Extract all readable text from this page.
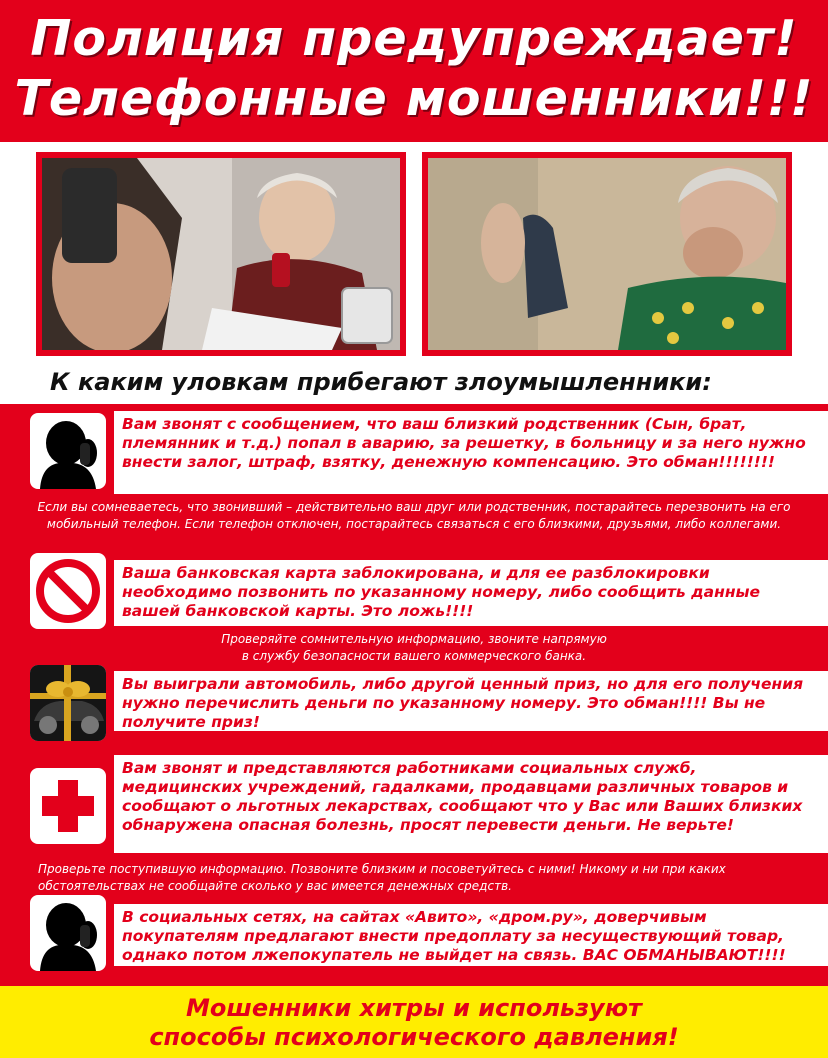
Полиция предупреждает!
Телефонные мошенники!!!
К каким уловкам прибегают злоумышленники:
Вам звонят с сообщением, что ваш близкий родственник (Сын, брат, племянник и т.д.) попал в аварию, за решетку, в больницу и за него нужно внести залог, штраф, взятку, денежную компенсацию. Это обман!!!!!!!!
Если вы сомневаетесь, что звонивший – действительно ваш друг или родственник, постарайтесь перезвонить на его мобильный телефон. Если телефон отключен, постарайтесь связаться с его близкими, друзьями, либо коллегами.
Ваша банковская карта заблокирована, и для ее разблокировки необходимо позвонить по указанному номеру, либо сообщить данные вашей банковской карты. Это ложь!!!!
Проверяйте сомнительную информацию, звоните напрямую
в службу безопасности вашего коммерческого банка.
Вы выиграли автомобиль, либо другой ценный приз, но для его получения нужно перечислить деньги по указанному номеру. Это обман!!!! Вы не получите приз!
Вам звонят и представляются работниками социальных служб, медицинских учреждений, гадалками, продавцами различных товаров и сообщают о льготных лекарствах, сообщают что у Вас или Ваших близких обнаружена опасная болезнь, просят перевести деньги. Не верьте!
Проверьте поступившую информацию. Позвоните близким и посоветуйтесь с ними! Никому и ни при каких обстоятельствах не сообщайте сколько у вас имеется денежных средств.
В социальных сетях, на сайтах «Авито», «дром.ру», доверчивым покупателям предлагают внести предоплату за несуществующий товар, однако потом лжепокупатель не выйдет на связь. ВАС ОБМАНЫВАЮТ!!!!
Мошенники хитры и используют
способы психологического давления!
